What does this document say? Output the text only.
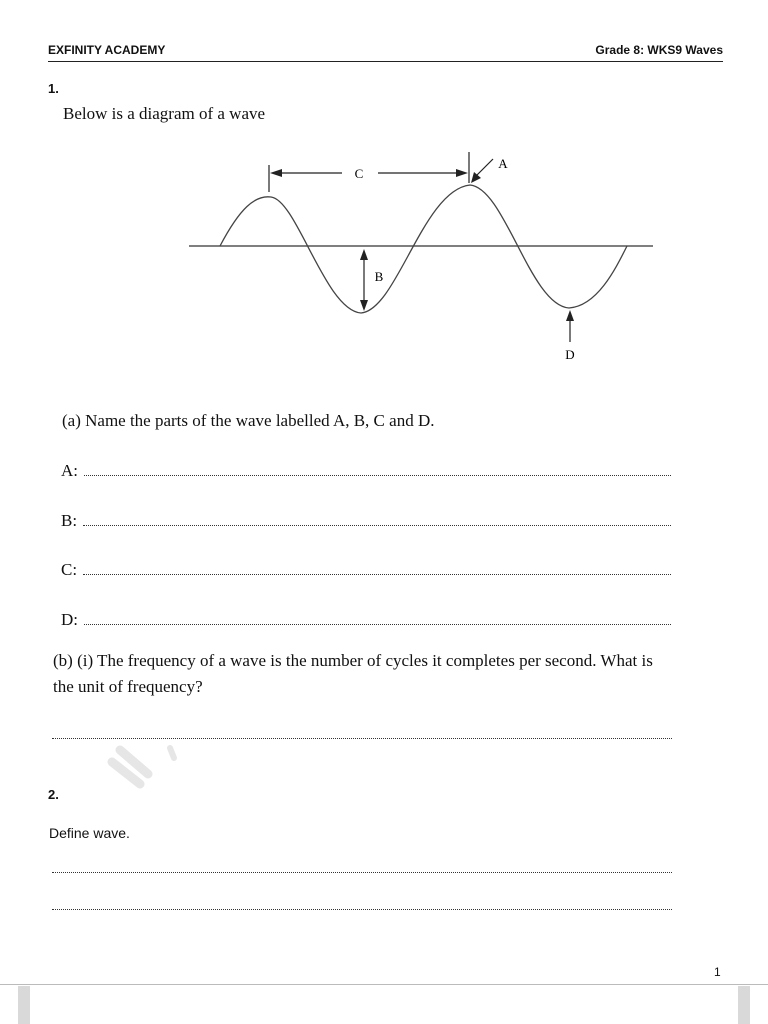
EXFINITY ACADEMY	Grade 8: WKS9 Waves
1.
Below is a diagram of a wave
C
A
B
D
(a) Name the parts of the wave labelled A, B, C and D.
A:
B:
C:
D:
(b) (i) The frequency of a wave is the number of cycles it completes per second. What is the unit of frequency?
2.
Define wave.
1
